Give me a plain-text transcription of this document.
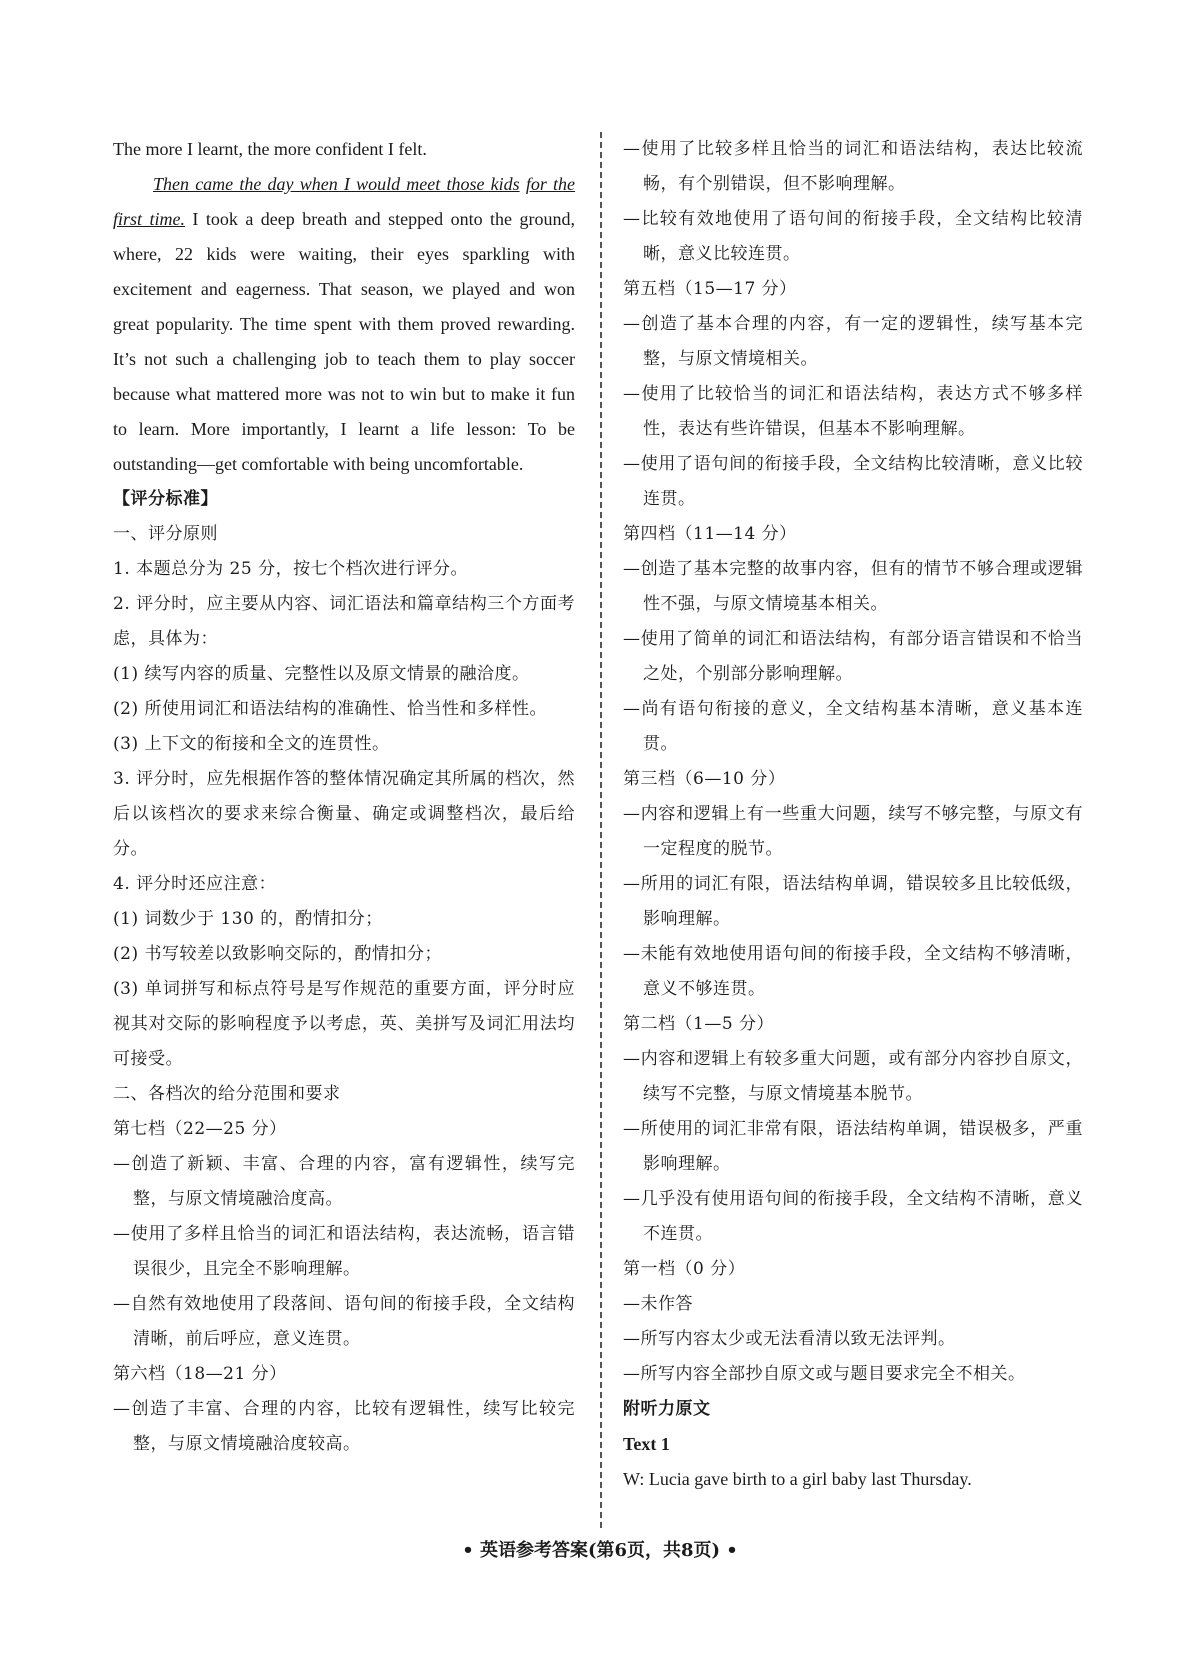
The more I learnt, the more confident I felt.

Then came the day when I would meet those kids for the first time. I took a deep breath and stepped onto the ground, where, 22 kids were waiting, their eyes sparkling with excitement and eagerness. That season, we played and won great popularity. The time spent with them proved rewarding. It’s not such a challenging job to teach them to play soccer because what mattered more was not to win but to make it fun to learn. More importantly, I learnt a life lesson: To be outstanding—get comfortable with being uncomfortable.

【评分标准】

一、评分原则

1. 本题总分为 25 分，按七个档次进行评分。

2. 评分时，应主要从内容、词汇语法和篇章结构三个方面考虑，具体为：

(1) 续写内容的质量、完整性以及原文情景的融洽度。

(2) 所使用词汇和语法结构的准确性、恰当性和多样性。

(3) 上下文的衔接和全文的连贯性。

3. 评分时，应先根据作答的整体情况确定其所属的档次，然后以该档次的要求来综合衡量、确定或调整档次，最后给分。

4. 评分时还应注意：

(1) 词数少于 130 的，酌情扣分；

(2) 书写较差以致影响交际的，酌情扣分；

(3) 单词拼写和标点符号是写作规范的重要方面，评分时应视其对交际的影响程度予以考虑，英、美拼写及词汇用法均可接受。

二、各档次的给分范围和要求

第七档（22—25 分）

—创造了新颖、丰富、合理的内容，富有逻辑性，续写完整，与原文情境融洽度高。

—使用了多样且恰当的词汇和语法结构，表达流畅，语言错误很少，且完全不影响理解。

—自然有效地使用了段落间、语句间的衔接手段，全文结构清晰，前后呼应，意义连贯。

第六档（18—21 分）

—创造了丰富、合理的内容，比较有逻辑性，续写比较完整，与原文情境融洽度较高。

—使用了比较多样且恰当的词汇和语法结构，表达比较流畅，有个别错误，但不影响理解。

—比较有效地使用了语句间的衔接手段，全文结构比较清晰，意义比较连贯。

第五档（15—17 分）

—创造了基本合理的内容，有一定的逻辑性，续写基本完整，与原文情境相关。

—使用了比较恰当的词汇和语法结构，表达方式不够多样性，表达有些许错误，但基本不影响理解。

—使用了语句间的衔接手段，全文结构比较清晰，意义比较连贯。

第四档（11—14 分）

—创造了基本完整的故事内容，但有的情节不够合理或逻辑性不强，与原文情境基本相关。

—使用了简单的词汇和语法结构，有部分语言错误和不恰当之处，个别部分影响理解。

—尚有语句衔接的意义，全文结构基本清晰，意义基本连贯。

第三档（6—10 分）

—内容和逻辑上有一些重大问题，续写不够完整，与原文有一定程度的脱节。

—所用的词汇有限，语法结构单调，错误较多且比较低级，影响理解。

—未能有效地使用语句间的衔接手段，全文结构不够清晰，意义不够连贯。

第二档（1—5 分）

—内容和逻辑上有较多重大问题，或有部分内容抄自原文，续写不完整，与原文情境基本脱节。

—所使用的词汇非常有限，语法结构单调，错误极多，严重影响理解。

—几乎没有使用语句间的衔接手段，全文结构不清晰，意义不连贯。

第一档（0 分）

—未作答

—所写内容太少或无法看清以致无法评判。

—所写内容全部抄自原文或与题目要求完全不相关。

附听力原文

Text 1

W: Lucia gave birth to a girl baby last Thursday.

• 英语参考答案(第6页，共8页) •
